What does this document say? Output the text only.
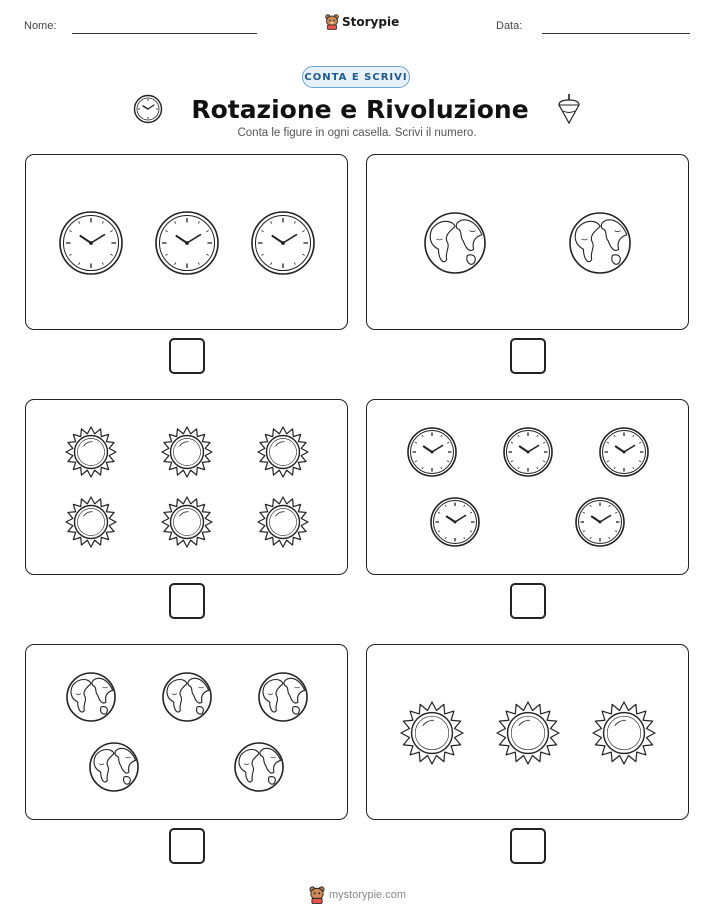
Nome:	Storypie	Data:
CONTA E SCRIVI
Rotazione e Rivoluzione
Conta le figure in ogni casella. Scrivi il numero.
mystorypie.com
